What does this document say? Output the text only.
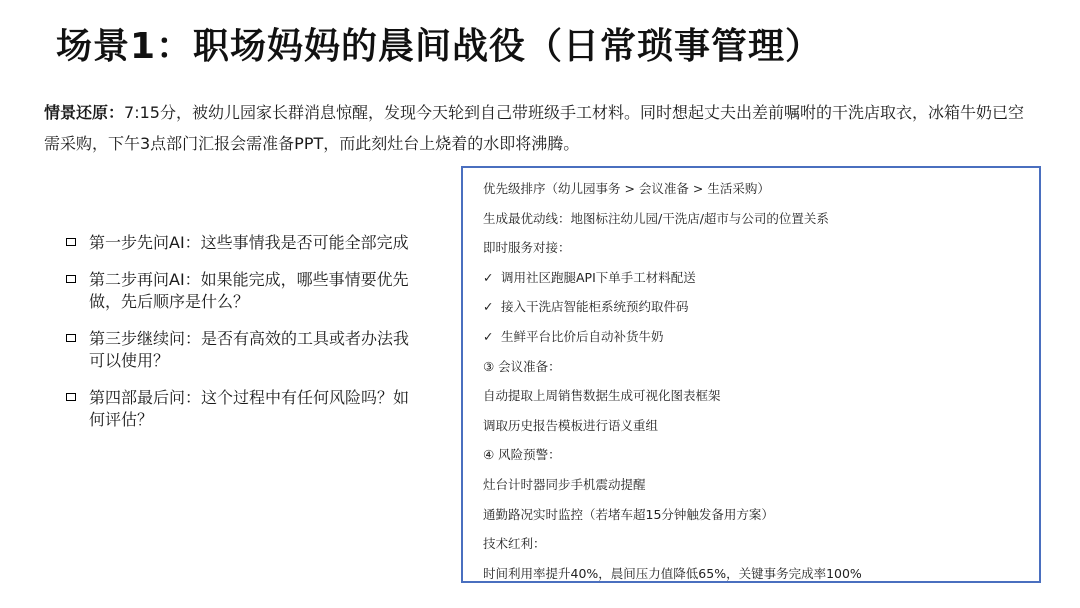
场景1：职场妈妈的晨间战役（日常琐事管理）
情景还原：7:15分，被幼儿园家长群消息惊醒，发现今天轮到自己带班级手工材料。同时想起丈夫出差前嘱咐的干洗店取衣，冰箱牛奶已空需采购，下午3点部门汇报会需准备PPT，而此刻灶台上烧着的水即将沸腾。
第一步先问AI：这些事情我是否可能全部完成
第二步再问AI：如果能完成，哪些事情要优先做，先后顺序是什么？
第三步继续问：是否有高效的工具或者办法我可以使用？
第四部最后问：这个过程中有任何风险吗？如何评估？
优先级排序（幼儿园事务 > 会议准备 > 生活采购）
生成最优动线：地图标注幼儿园/干洗店/超市与公司的位置关系
即时服务对接：
✓ 调用社区跑腿API下单手工材料配送
✓ 接入干洗店智能柜系统预约取件码
✓ 生鲜平台比价后自动补货牛奶
③ 会议准备：
自动提取上周销售数据生成可视化图表框架
调取历史报告模板进行语义重组
④ 风险预警：
灶台计时器同步手机震动提醒
通勤路况实时监控（若堵车超15分钟触发备用方案）
技术红利：
时间利用率提升40%，晨间压力值降低65%，关键事务完成率100%
